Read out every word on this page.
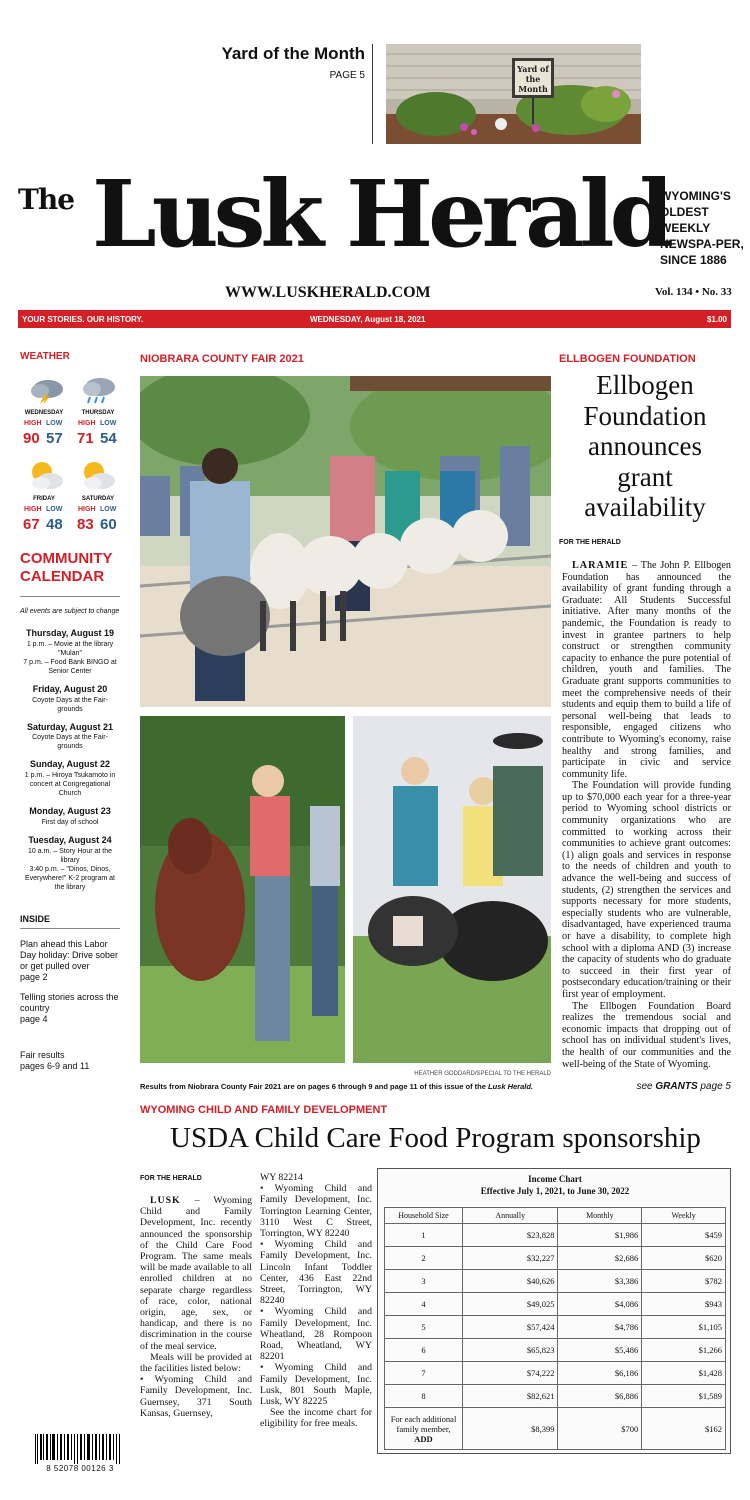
Yard of the Month
PAGE 5
Yard of the Month
The Lusk Herald
WYOMING'S OLDEST WEEKLY NEWSPA-PER, SINCE 1886
WWW.LUSKHERALD.COM	Vol. 134 • No. 33
YOUR STORIES. OUR HISTORY.	WEDNESDAY, August 18, 2021	$1.00
WEATHER
WEDNESDAY	THURSDAY
FRIDAY	SATURDAY
HIGH LOW HIGH LOW
HIGH LOW HIGH LOW
90 57 71 54
67 48 83 60
COMMUNITY CALENDAR
All events are subject to change
Thursday, August 19
1 p.m. – Movie at the library "Mulan"
7 p.m. – Food Bank BINGO at Senior Center
Friday, August 20
Coyote Days at the Fair-grounds
Saturday, August 21
Coyote Days at the Fair-grounds
Sunday, August 22
1 p.m. – Hiroya Tsukamoto in concert at Congregational Church
Monday, August 23
First day of school
Tuesday, August 24
10 a.m. – Story Hour at the library
3:40 p.m. – "Dinos, Dinos, Everywhere!" K-2 program at the library
INSIDE
Plan ahead this Labor Day holiday: Drive sober or get pulled over
page 2
Telling stories across the country
page 4
Fair results
pages 6-9 and 11
NIOBRARA COUNTY FAIR 2021
HEATHER GODDARD/SPECIAL TO THE HERALD
Results from Niobrara County Fair 2021 are on pages 6 through 9 and page 11 of this issue of the Lusk Herald.
ELLBOGEN FOUNDATION
Ellbogen Foundation announces grant availability
FOR THE HERALD

LARAMIE – The John P. Ellbogen Foundation has announced the availability of grant funding through a Graduate: All Students Successful initiative. After many months of the pandemic, the Foundation is ready to invest in grantee partners to help construct or strengthen community capacity to enhance the pure potential of children, youth and families. The Graduate grant supports communities to meet the comprehensive needs of their students and equip them to build a life of personal well-being that leads to responsible, engaged citizens who contribute to Wyoming's economy, raise healthy and strong families, and participate in civic and service community life.

The Foundation will provide funding up to $70,000 each year for a three-year period to Wyoming school districts or community organizations who are committed to working across their communities to achieve grant outcomes: (1) align goals and services in response to the needs of children and youth to advance the well-being and success of students, (2) strengthen the services and supports necessary for more students, especially students who are vulnerable, disadvantaged, have experienced trauma or have a disability, to complete high school with a diploma AND (3) increase the capacity of students who do graduate to succeed in their first year of postsecondary education/training or their first year of employment.

The Ellbogen Foundation Board realizes the tremendous social and economic impacts that dropping out of school has on individual student's lives, the health of our communities and the well-being of the State of Wyoming.

see GRANTS page 5
WYOMING CHILD AND FAMILY DEVELOPMENT
USDA Child Care Food Program sponsorship
FOR THE HERALD

LUSK – Wyoming Child and Family Development, Inc. recently announced the sponsorship of the Child Care Food Program. The same meals will be made available to all enrolled children at no separate charge regardless of race, color, national origin, age, sex, or handicap, and there is no discrimination in the course of the meal service.

Meals will be provided at the facilities listed below:

• Wyoming Child and Family Development, Inc. Guernsey, 371 South Kansas, Guernsey,

WY 82214

• Wyoming Child and Family Development, Inc. Torrington Learning Center, 3110 West C Street, Torrington, WY 82240

• Wyoming Child and Family Development, Inc. Lincoln Infant Toddler Center, 436 East 22nd Street, Torrington, WY 82240

• Wyoming Child and Family Development, Inc. Wheatland, 28 Rompoon Road, Wheatland, WY 82201

• Wyoming Child and Family Development, Inc. Lusk, 801 South Maple, Lusk, WY 82225

See the income chart for eligibility for free meals.

Income Chart
Effective July 1, 2021, to June 30, 2022
Household Size	Annually	Monthly	Weekly
1	$23,828	$1,986	$459
2	$32,227	$2,686	$620
3	$40,626	$3,386	$782
4	$49,025	$4,086	$943
5	$57,424	$4,786	$1,105
6	$65,823	$5,486	$1,266
7	$74,222	$6,186	$1,428
8	$82,621	$6,886	$1,589
For each additional family member,
ADD	$8,399	$700	$162
8 52078 00126 3
